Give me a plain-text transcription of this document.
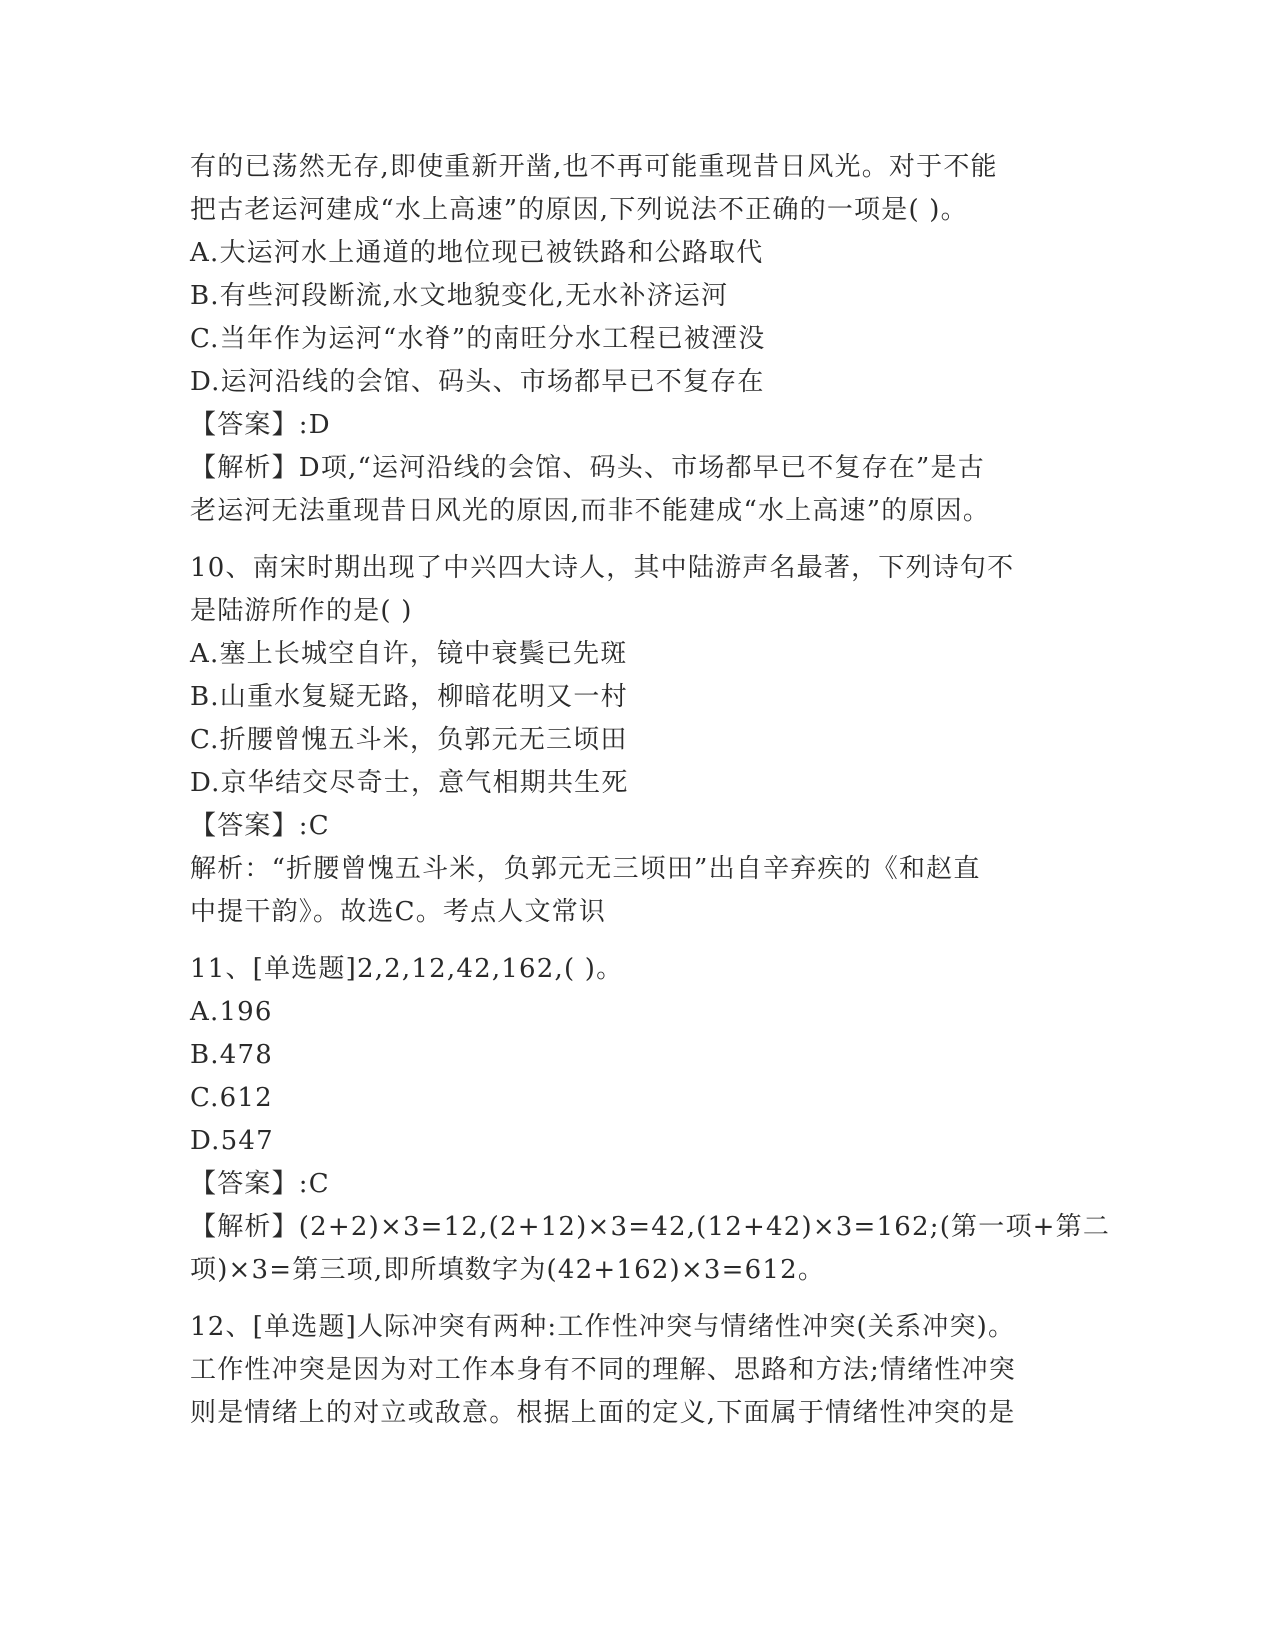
有的已荡然无存,即使重新开凿,也不再可能重现昔日风光。对于不能
把古老运河建成“水上高速”的原因,下列说法不正确的一项是( )。
A.大运河水上通道的地位现已被铁路和公路取代
B.有些河段断流,水文地貌变化,无水补济运河
C.当年作为运河“水脊”的南旺分水工程已被湮没
D.运河沿线的会馆、码头、市场都早已不复存在
【答案】:D
【解析】D项,“运河沿线的会馆、码头、市场都早已不复存在”是古
老运河无法重现昔日风光的原因,而非不能建成“水上高速”的原因。
10、南宋时期出现了中兴四大诗人，其中陆游声名最著，下列诗句不
是陆游所作的是( )
A.塞上长城空自许，镜中衰鬓已先斑
B.山重水复疑无路，柳暗花明又一村
C.折腰曾愧五斗米，负郭元无三顷田
D.京华结交尽奇士，意气相期共生死
【答案】:C
解析：“折腰曾愧五斗米，负郭元无三顷田”出自辛弃疾的《和赵直
中提干韵》。故选C。考点人文常识
11、[单选题]2,2,12,42,162,( )。
A.196
B.478
C.612
D.547
【答案】:C
【解析】(2+2)×3=12,(2+12)×3=42,(12+42)×3=162;(第一项+第二
项)×3=第三项,即所填数字为(42+162)×3=612。
12、[单选题]人际冲突有两种:工作性冲突与情绪性冲突(关系冲突)。
工作性冲突是因为对工作本身有不同的理解、思路和方法;情绪性冲突
则是情绪上的对立或敌意。根据上面的定义,下面属于情绪性冲突的是
